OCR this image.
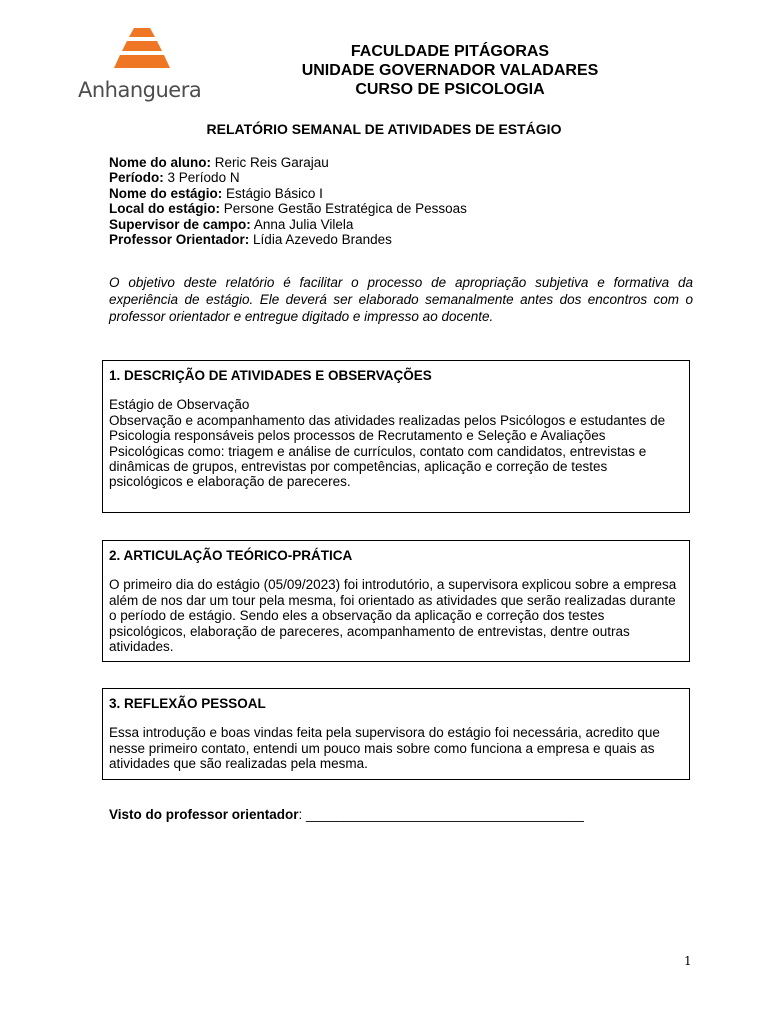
Anhanguera
FACULDADE PITÁGORAS
UNIDADE GOVERNADOR VALADARES
CURSO DE PSICOLOGIA
RELATÓRIO SEMANAL DE ATIVIDADES DE ESTÁGIO
Nome do aluno: Reric Reis Garajau
Período: 3 Período N
Nome do estágio: Estágio Básico I
Local do estágio: Persone Gestão Estratégica de Pessoas
Supervisor de campo: Anna Julia Vilela
Professor Orientador: Lídia Azevedo Brandes
O objetivo deste relatório é facilitar o processo de apropriação subjetiva e formativa da experiência de estágio. Ele deverá ser elaborado semanalmente antes dos encontros com o professor orientador e entregue digitado e impresso ao docente.
1. DESCRIÇÃO DE ATIVIDADES E OBSERVAÇÕES
Estágio de Observação
Observação e acompanhamento das atividades realizadas pelos Psicólogos e estudantes de Psicologia responsáveis pelos processos de Recrutamento e Seleção e Avaliações Psicológicas como: triagem e análise de currículos, contato com candidatos, entrevistas e dinâmicas de grupos, entrevistas por competências, aplicação e correção de testes psicológicos e elaboração de pareceres.
2. ARTICULAÇÃO TEÓRICO-PRÁTICA
O primeiro dia do estágio (05/09/2023) foi introdutório, a supervisora explicou sobre a empresa além de nos dar um tour pela mesma, foi orientado as atividades que serão realizadas durante o período de estágio. Sendo eles a observação da aplicação e correção dos testes psicológicos, elaboração de pareceres, acompanhamento de entrevistas, dentre outras atividades.
3. REFLEXÃO PESSOAL
Essa introdução e boas vindas feita pela supervisora do estágio foi necessária, acredito que nesse primeiro contato, entendi um pouco mais sobre como funciona a empresa e quais as atividades que são realizadas pela mesma.
Visto do professor orientador: _____________________________________
1
